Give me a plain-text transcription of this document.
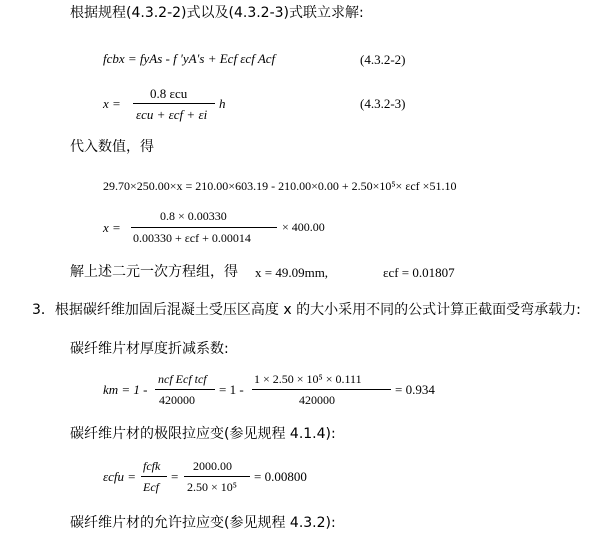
根据规程(4.3.2-2)式以及(4.3.2-3)式联立求解:
fcbx = fyAs - f ′yA′s + Ecf εcf Acf	(4.3.2-2)
x =
0.8 εcu
εcu + εcf + εi
h	(4.3.2-3)
代入数值，得
29.70×250.00×x = 210.00×603.19 - 210.00×0.00 + 2.50×10⁵× εcf ×51.10
x =
0.8 × 0.00330
0.00330 + εcf + 0.00014
× 400.00
解上述二元一次方程组，得 x = 49.09mm,	εcf = 0.01807
3．根据碳纤维加固后混凝土受压区高度 x 的大小采用不同的公式计算正截面受弯承载力:
碳纤维片材厚度折减系数:
km = 1 -
ncf Ecf tcf
420000
= 1 -
1 × 2.50 × 10⁵ × 0.111
420000
= 0.934
碳纤维片材的极限拉应变(参见规程 4.1.4):
εcfu =
fcfk
Ecf
=
2000.00
2.50 × 10⁵
= 0.00800
碳纤维片材的允许拉应变(参见规程 4.3.2):
